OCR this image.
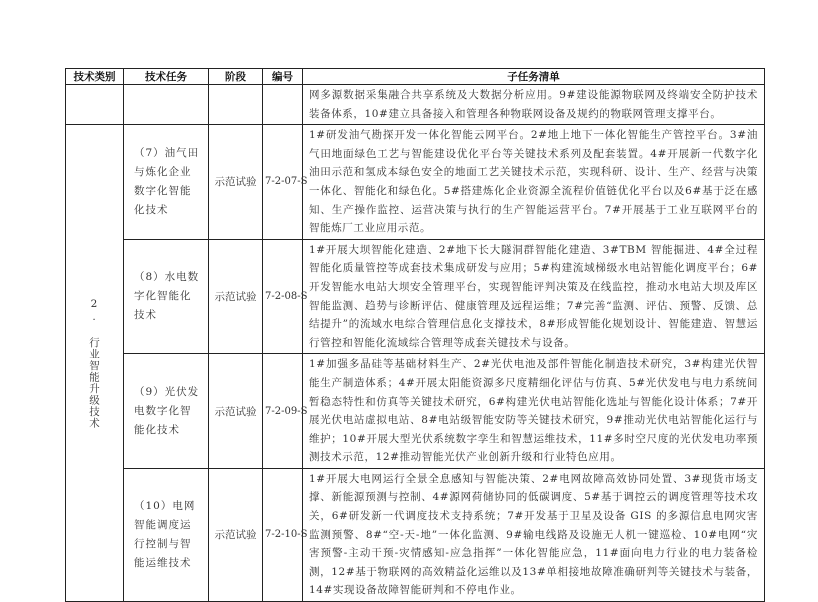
技术类别	技术任务	阶段	编号	子任务清单
				网多源数据采集融合共享系统及大数据分析应用。9#建设能源物联网及终端安全防护技术装备体系，10#建立具备接入和管理各种物联网设备及规约的物联网管理支撑平台。

2. 行业智能升级技术	（7）油气田与炼化企业数字化智能化技术	示范试验	7-2-07-S	1#研发油气勘探开发一体化智能云网平台。2#地上地下一体化智能生产管控平台。3#油气田地面绿色工艺与智能建设优化平台等关键技术系列及配套装置。4#开展新一代数字化油田示范和氢成本绿色安全的地面工艺关键技术示范，实现科研、设计、生产、经营与决策一体化、智能化和绿色化。5#搭建炼化企业资源全流程价值链优化平台以及6#基于泛在感知、生产操作监控、运营决策与执行的生产智能运营平台。7#开展基于工业互联网平台的智能炼厂工业应用示范。
	（8）水电数字化智能化技术	示范试验	7-2-08-S	1#开展大坝智能化建造、2#地下长大隧洞群智能化建造、3#TBM 智能掘进、4#全过程智能化质量管控等成套技术集成研发与应用；5#构建流域梯级水电站智能化调度平台；6#开发智能水电站大坝安全管理平台，实现智能评判决策及在线监控，推动水电站大坝及库区智能监测、趋势与诊断评估、健康管理及远程运维；7#完善“监测、评估、预警、反馈、总结提升”的流域水电综合管理信息化支撑技术，8#形成智能化规划设计、智能建造、智慧运行管控和智能化流域综合管理等成套关键技术与设备。
	（9）光伏发电数字化智能化技术	示范试验	7-2-09-S	1#加强多晶硅等基础材料生产、2#光伏电池及部件智能化制造技术研究，3#构建光伏智能生产制造体系；4#开展太阳能资源多尺度精细化评估与仿真、5#光伏发电与电力系统间暂稳态特性和仿真等关键技术研究，6#构建光伏电站智能化选址与智能化设计体系；7#开展光伏电站虚拟电站、8#电站级智能安防等关键技术研究，9#推动光伏电站智能化运行与维护；10#开展大型光伏系统数字孪生和智慧运维技术，11#多时空尺度的光伏发电功率预测技术示范，12#推动智能光伏产业创新升级和行业特色应用。
	（10）电网智能调度运行控制与智能运维技术	示范试验	7-2-10-S	1#开展大电网运行全景全息感知与智能决策、2#电网故障高效协同处置、3#现货市场支撑、新能源预测与控制、4#源网荷储协同的低碳调度、5#基于调控云的调度管理等技术攻关，6#研发新一代调度技术支持系统；7#开发基于卫星及设备 GIS 的多源信息电网灾害监测预警、8#“空-天-地”一体化监测、9#输电线路及设施无人机一键巡检、10#电网“灾害预警-主动干预-灾情感知-应急指挥”一体化智能应急，11#面向电力行业的电力装备检测，12#基于物联网的高效精益化运维以及13#单相接地故障准确研判等关键技术与装备，14#实现设备故障智能研判和不停电作业。
